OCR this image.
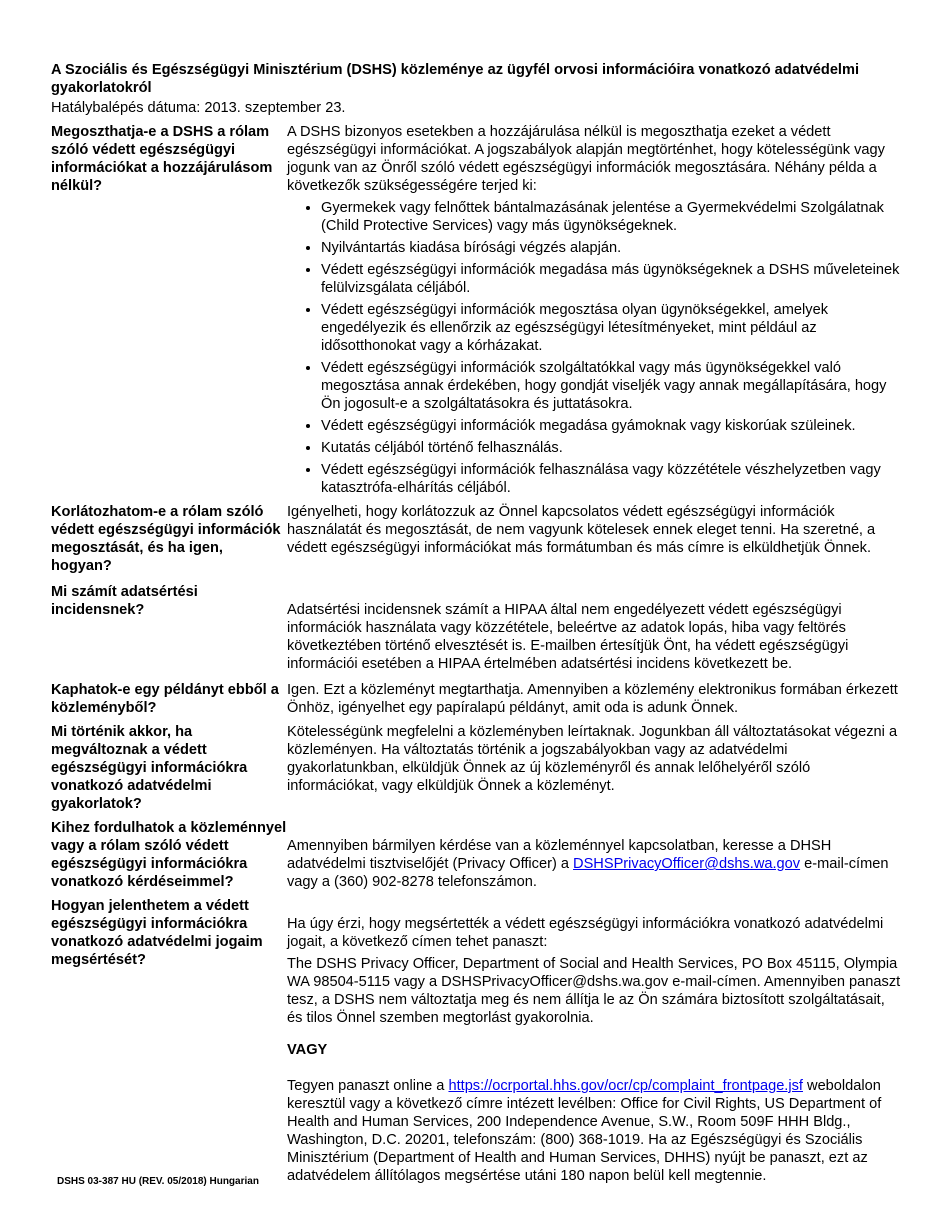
A Szociális és Egészségügyi Minisztérium (DSHS) közleménye az ügyfél orvosi információira vonatkozó adatvédelmi gyakorlatokról
Hatálybalépés dátuma: 2013. szeptember 23.
Megoszthatja-e a DSHS a rólam szóló védett egészségügyi információkat a hozzájárulásom nélkül?

A DSHS bizonyos esetekben a hozzájárulása nélkül is megoszthatja ezeket a védett egészségügyi információkat. A jogszabályok alapján megtörténhet, hogy kötelességünk vagy jogunk van az Önről szóló védett egészségügyi információk megosztására. Néhány példa a következők szükségességére terjed ki:

• Gyermekek vagy felnőttek bántalmazásának jelentése a Gyermekvédelmi Szolgálatnak (Child Protective Services) vagy más ügynökségeknek.
• Nyilvántartás kiadása bírósági végzés alapján.
• Védett egészségügyi információk megadása más ügynökségeknek a DSHS műveleteinek felülvizsgálata céljából.
• Védett egészségügyi információk megosztása olyan ügynökségekkel, amelyek engedélyezik és ellenőrzik az egészségügyi létesítményeket, mint például az idősotthonokat vagy a kórházakat.
• Védett egészségügyi információk szolgáltatókkal vagy más ügynökségekkel való megosztása annak érdekében, hogy gondját viseljék vagy annak megállapítására, hogy Ön jogosult-e a szolgáltatásokra és juttatásokra.
• Védett egészségügyi információk megadása gyámoknak vagy kiskorúak szüleinek.
• Kutatás céljából történő felhasználás.
• Védett egészségügyi információk felhasználása vagy közzététele vészhelyzetben vagy katasztrófa-elhárítás céljából.
Korlátozhatom-e a rólam szóló védett egészségügyi információk megosztását, és ha igen, hogyan?

Igényelheti, hogy korlátozzuk az Önnel kapcsolatos védett egészségügyi információk használatát és megosztását, de nem vagyunk kötelesek ennek eleget tenni. Ha szeretné, a védett egészségügyi információkat más formátumban és más címre is elküldhetjük Önnek.

Mi számít adatsértési incidensnek?	Adatsértési incidensnek számít a HIPAA által nem engedélyezett védett egészségügyi információk használata vagy közzététele, beleértve az adatok lopás, hiba vagy feltörés következtében történő elvesztését is. E-mailben értesítjük Önt, ha védett egészségügyi információi esetében a HIPAA értelmében adatsértési incidens következett be.

Kaphatok-e egy példányt ebből a közleményből?

Igen. Ezt a közleményt megtarthatja. Amennyiben a közlemény elektronikus formában érkezett Önhöz, igényelhet egy papíralapú példányt, amit oda is adunk Önnek.

Mi történik akkor, ha megváltoznak a védett egészségügyi információkra vonatkozó adatvédelmi gyakorlatok?

Kötelességünk megfelelni a közleményben leírtaknak. Jogunkban áll változtatásokat végezni a közleményen. Ha változtatás történik a jogszabályokban vagy az adatvédelmi gyakorlatunkban, elküldjük Önnek az új közleményről és annak lelőhelyéről szóló információkat, vagy elküldjük Önnek a közleményt.

Kihez fordulhatok a közleménnyel vagy a rólam szóló védett egészségügyi információkra vonatkozó kérdéseimmel?

Amennyiben bármilyen kérdése van a közleménnyel kapcsolatban, keresse a DHSH adatvédelmi tisztviselőjét (Privacy Officer) a DSHSPrivacyOfficer@dshs.wa.gov e-mail-címen vagy a (360) 902-8278 telefonszámon.

Hogyan jelenthetem a védett egészségügyi információkra vonatkozó adatvédelmi jogaim megsértését?

Ha úgy érzi, hogy megsértették a védett egészségügyi információkra vonatkozó adatvédelmi jogait, a következő címen tehet panaszt:

The DSHS Privacy Officer, Department of Social and Health Services, PO Box 45115, Olympia WA 98504-5115 vagy a DSHSPrivacyOfficer@dshs.wa.gov e-mail-címen. Amennyiben panaszt tesz, a DSHS nem változtatja meg és nem állítja le az Ön számára biztosított szolgáltatásait, és tilos Önnel szemben megtorlást gyakorolnia.

VAGY

Tegyen panaszt online a https://ocrportal.hhs.gov/ocr/cp/complaint_frontpage.jsf weboldalon keresztül vagy a következő címre intézett levélben: Office for Civil Rights, US Department of Health and Human Services, 200 Independence Avenue, S.W., Room 509F HHH Bldg., Washington, D.C. 20201, telefonszám: (800) 368-1019. Ha az Egészségügyi és Szociális Minisztérium (Department of Health and Human Services, DHHS) nyújt be panaszt, ezt az adatvédelem állítólagos megsértése utáni 180 napon belül kell megtennie.

DSHS 03-387 HU (REV. 05/2018) Hungarian
